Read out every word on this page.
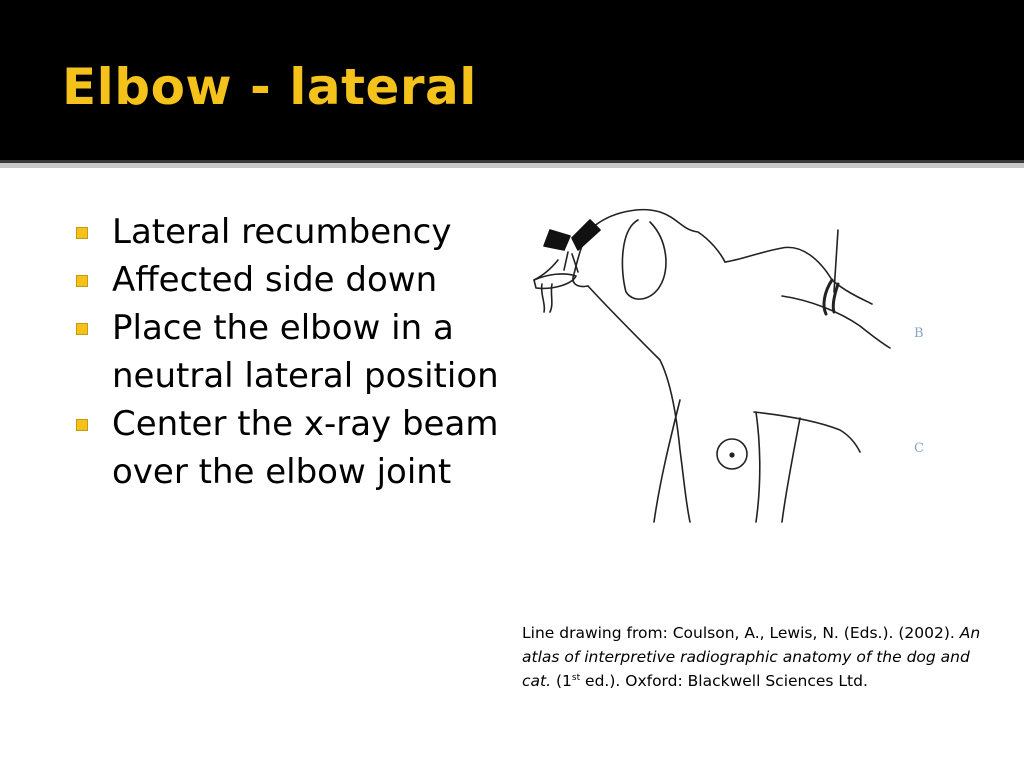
Elbow - lateral
Lateral recumbency
Affected side down
Place the elbow in a
neutral lateral position
Center the x-ray beam
over the elbow joint
B
C

Line drawing from: Coulson, A., Lewis, N. (Eds.). (2002). An atlas of interpretive radiographic anatomy of the dog and cat. (1st ed.). Oxford: Blackwell Sciences Ltd.
